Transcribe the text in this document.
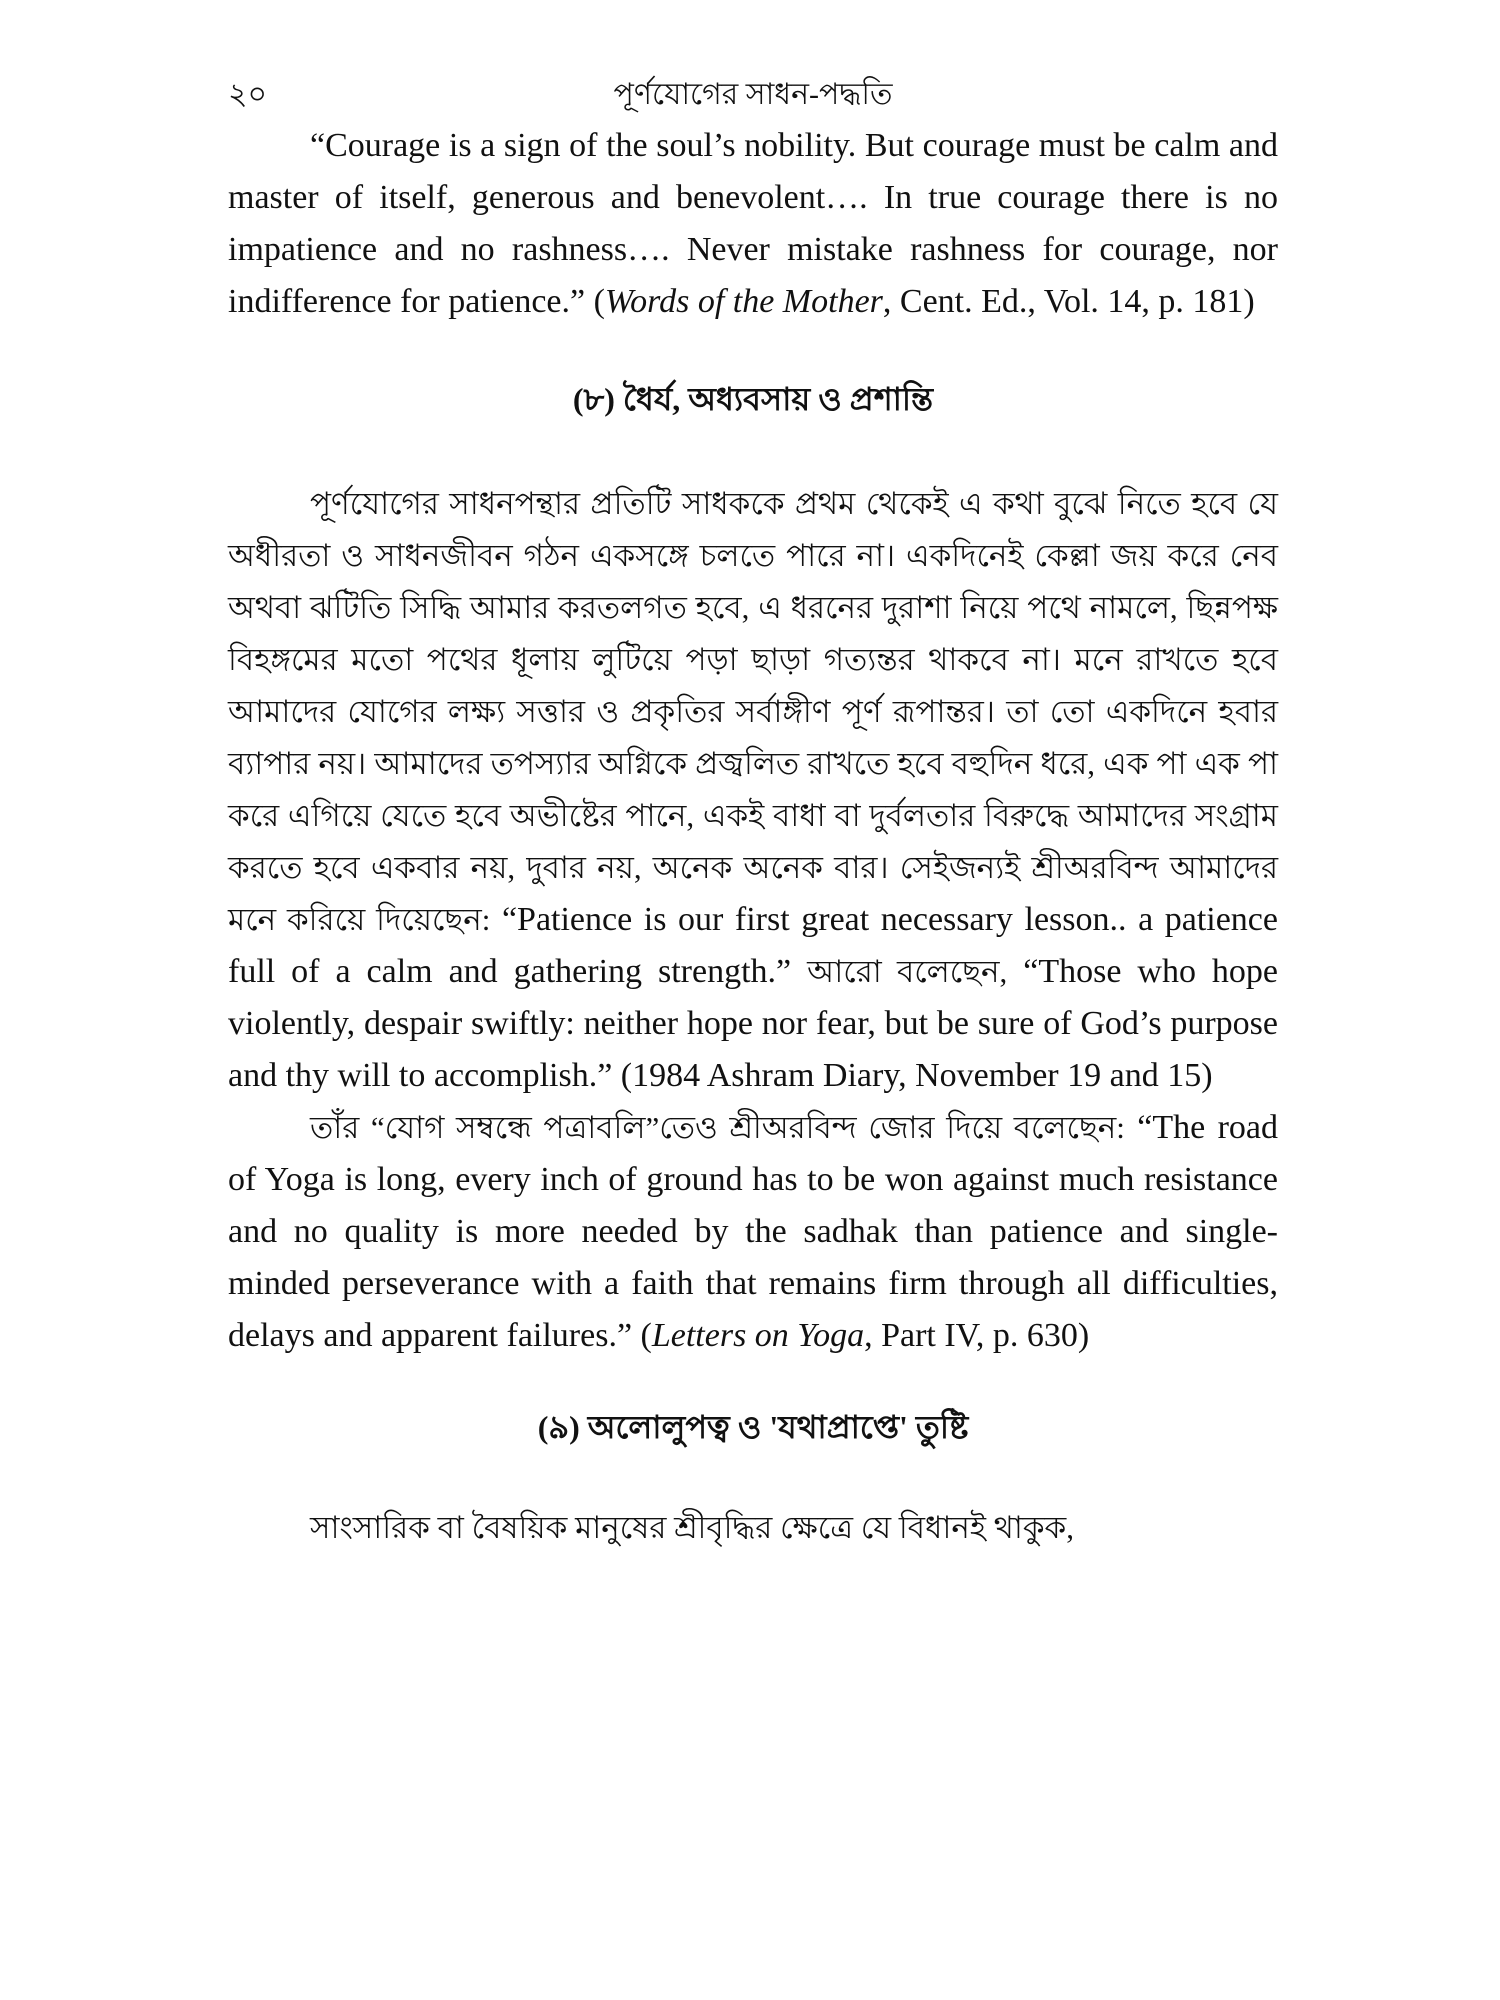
২০	পূর্ণযোগের সাধন-পদ্ধতি

“Courage is a sign of the soul’s nobility. But courage must be calm and master of itself, generous and benevolent…. In true courage there is no impatience and no rashness…. Never mistake rashness for courage, nor indifference for patience.” (Words of the Mother, Cent. Ed., Vol. 14, p. 181)

(৮) ধৈর্য, অধ্যবসায় ও প্রশান্তি

পূর্ণযোগের সাধনপন্থার প্রতিটি সাধককে প্রথম থেকেই এ কথা বুঝে নিতে হবে যে অধীরতা ও সাধনজীবন গঠন একসঙ্গে চলতে পারে না। একদিনেই কেল্লা জয় করে নেব অথবা ঝটিতি সিদ্ধি আমার করতলগত হবে, এ ধরনের দুরাশা নিয়ে পথে নামলে, ছিন্নপক্ষ বিহঙ্গমের মতো পথের ধূলায় লুটিয়ে পড়া ছাড়া গত্যন্তর থাকবে না। মনে রাখতে হবে আমাদের যোগের লক্ষ্য সত্তার ও প্রকৃতির সর্বাঙ্গীণ পূর্ণ রূপান্তর। তা তো একদিনে হবার ব্যাপার নয়। আমাদের তপস্যার অগ্নিকে প্রজ্বলিত রাখতে হবে বহুদিন ধরে, এক পা এক পা করে এগিয়ে যেতে হবে অভীষ্টের পানে, একই বাধা বা দুর্বলতার বিরুদ্ধে আমাদের সংগ্রাম করতে হবে একবার নয়, দুবার নয়, অনেক অনেক বার। সেইজন্যই শ্রীঅরবিন্দ আমাদের মনে করিয়ে দিয়েছেন: “Patience is our first great necessary lesson.. a patience full of a calm and gathering strength.” আরো বলেছেন, “Those who hope violently, despair swiftly: neither hope nor fear, but be sure of God’s purpose and thy will to accomplish.” (1984 Ashram Diary, November 19 and 15)

তাঁর “যোগ সম্বন্ধে পত্রাবলি”তেও শ্রীঅরবিন্দ জোর দিয়ে বলেছেন: “The road of Yoga is long, every inch of ground has to be won against much resistance and no quality is more needed by the sadhak than patience and single-minded perseverance with a faith that remains firm through all difficulties, delays and apparent failures.” (Letters on Yoga, Part IV, p. 630)

(৯) অলোলুপত্ব ও 'যথাপ্রাপ্তে' তুষ্টি

সাংসারিক বা বৈষয়িক মানুষের শ্রীবৃদ্ধির ক্ষেত্রে যে বিধানই থাকুক,
